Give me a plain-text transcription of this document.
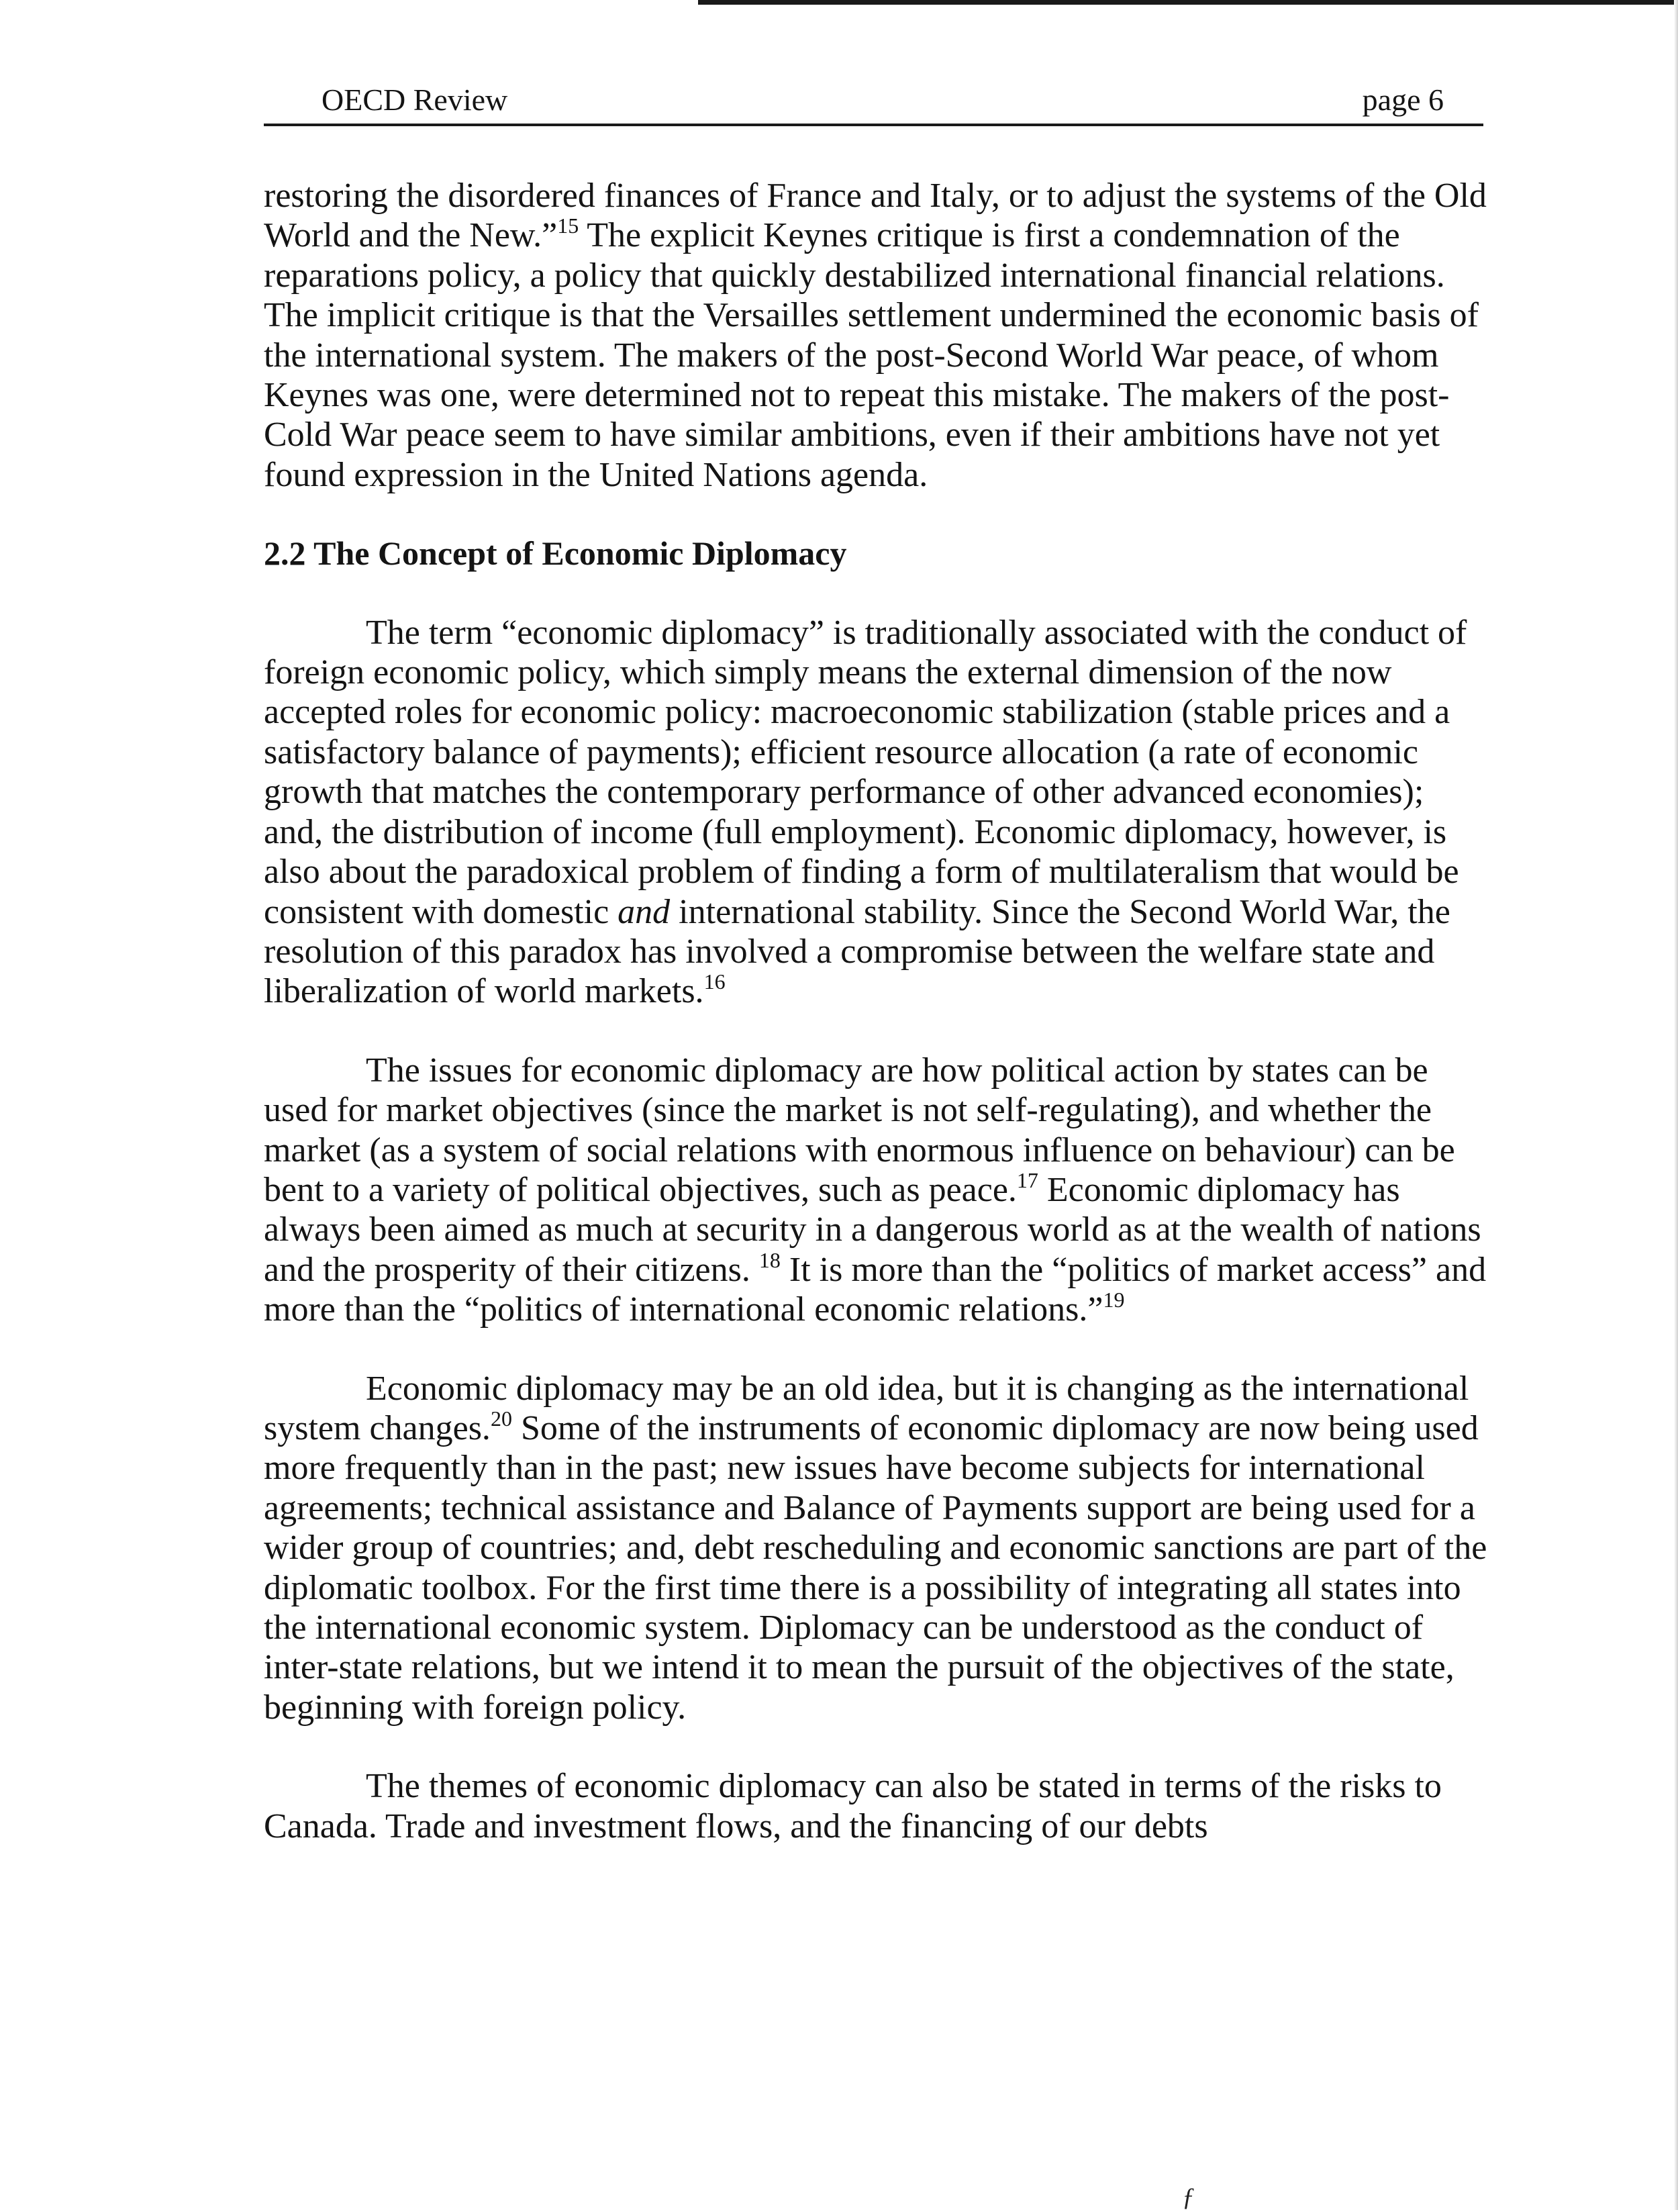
OECD Review	page 6

restoring the disordered finances of France and Italy, or to adjust the systems of the Old World and the New.”$^{15}$ The explicit Keynes critique is first a condemnation of the reparations policy, a policy that quickly destabilized international financial relations. The implicit critique is that the Versailles settlement undermined the economic basis of the international system. The makers of the post-Second World War peace, of whom Keynes was one, were determined not to repeat this mistake. The makers of the post-Cold War peace seem to have similar ambitions, even if their ambitions have not yet found expression in the United Nations agenda.

2.2 The Concept of Economic Diplomacy

The term “economic diplomacy” is traditionally associated with the conduct of foreign economic policy, which simply means the external dimension of the now accepted roles for economic policy: macroeconomic stabilization (stable prices and a satisfactory balance of payments); efficient resource allocation (a rate of economic growth that matches the contemporary performance of other advanced economies); and, the distribution of income (full employment). Economic diplomacy, however, is also about the paradoxical problem of finding a form of multilateralism that would be consistent with domestic and international stability. Since the Second World War, the resolution of this paradox has involved a compromise between the welfare state and liberalization of world markets.$^{16}$

The issues for economic diplomacy are how political action by states can be used for market objectives (since the market is not self-regulating), and whether the market (as a system of social relations with enormous influence on behaviour) can be bent to a variety of political objectives, such as peace.$^{17}$ Economic diplomacy has always been aimed as much at security in a dangerous world as at the wealth of nations and the prosperity of their citizens. $^{18}$ It is more than the “politics of market access” and more than the “politics of international economic relations.”$^{19}$

Economic diplomacy may be an old idea, but it is changing as the international system changes.$^{20}$ Some of the instruments of economic diplomacy are now being used more frequently than in the past; new issues have become subjects for international agreements; technical assistance and Balance of Payments support are being used for a wider group of countries; and, debt rescheduling and economic sanctions are part of the diplomatic toolbox. For the first time there is a possibility of integrating all states into the international economic system. Diplomacy can be understood as the conduct of inter-state relations, but we intend it to mean the pursuit of the objectives of the state, beginning with foreign policy.

The themes of economic diplomacy can also be stated in terms of the risks to Canada. Trade and investment flows, and the financing of our debts

ƒ
